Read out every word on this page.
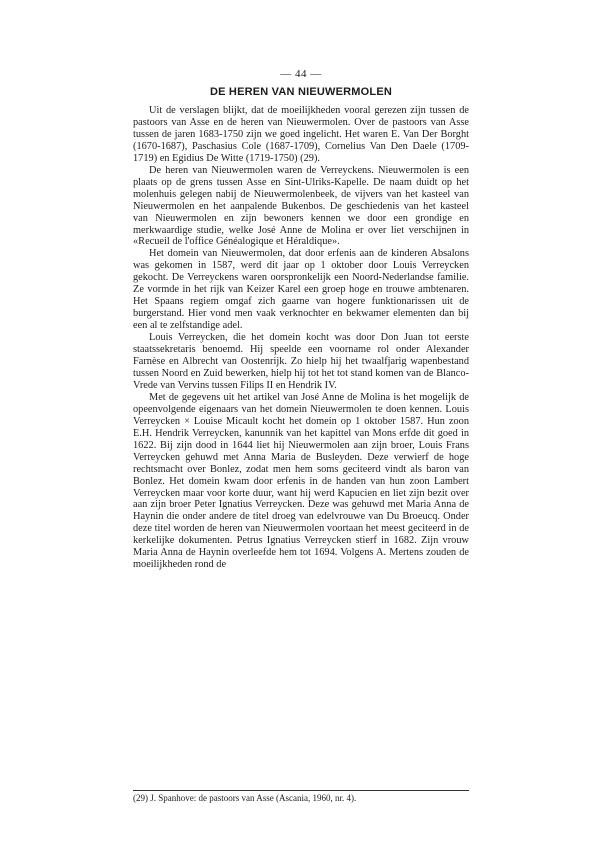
— 44 —
DE HEREN VAN NIEUWERMOLEN

Uit de verslagen blijkt, dat de moeilijkheden vooral gerezen zijn tussen de pastoors van Asse en de heren van Nieuwermolen. Over de pastoors van Asse tussen de jaren 1683-1750 zijn we goed ingelicht. Het waren E. Van Der Borght (1670-1687), Paschasius Cole (1687-1709), Cornelius Van Den Daele (1709-1719) en Egidius De Witte (1719-1750) (29).

De heren van Nieuwermolen waren de Verreyckens. Nieuwermolen is een plaats op de grens tussen Asse en Sint-Ulriks-Kapelle. De naam duidt op het molenhuis gelegen nabij de Nieuwermolenbeek, de vijvers van het kasteel van Nieuwermolen en het aanpalende Bukenbos. De geschiedenis van het kasteel van Nieuwermolen en zijn bewoners kennen we door een grondige en merkwaardige studie, welke José Anne de Molina er over liet verschijnen in «Recueil de l'office Généalogique et Héraldique».

Het domein van Nieuwermolen, dat door erfenis aan de kinderen Absalons was gekomen in 1587, werd dit jaar op 1 oktober door Louis Verreycken gekocht. De Verreyckens waren oorspronkelijk een Noord-Nederlandse familie. Ze vormde in het rijk van Keizer Karel een groep hoge en trouwe ambtenaren. Het Spaans regiem omgaf zich gaarne van hogere funktionarissen uit de burgerstand. Hier vond men vaak verknochter en bekwamer elementen dan bij een al te zelfstandige adel.

Louis Verreycken, die het domein kocht was door Don Juan tot eerste staatssekretaris benoemd. Hij speelde een voorname rol onder Alexander Farnèse en Albrecht van Oostenrijk. Zo hielp hij het twaalfjarig wapenbestand tussen Noord en Zuid bewerken, hielp hij tot het tot stand komen van de Blanco-Vrede van Vervins tussen Filips II en Hendrik IV.

Met de gegevens uit het artikel van José Anne de Molina is het mogelijk de opeenvolgende eigenaars van het domein Nieuwermolen te doen kennen. Louis Verreycken × Louise Micault kocht het domein op 1 oktober 1587. Hun zoon E.H. Hendrik Verreycken, kanunnik van het kapittel van Mons erfde dit goed in 1622. Bij zijn dood in 1644 liet hij Nieuwermolen aan zijn broer, Louis Frans Verreycken gehuwd met Anna Maria de Busleyden. Deze verwierf de hoge rechtsmacht over Bonlez, zodat men hem soms geciteerd vindt als baron van Bonlez. Het domein kwam door erfenis in de handen van hun zoon Lambert Verreycken maar voor korte duur, want hij werd Kapucien en liet zijn bezit over aan zijn broer Peter Ignatius Verreycken. Deze was gehuwd met Maria Anna de Haynin die onder andere de titel droeg van edelvrouwe van Du Broeucq. Onder deze titel worden de heren van Nieuwermolen voortaan het meest geciteerd in de kerkelijke dokumenten. Petrus Ignatius Verreycken stierf in 1682. Zijn vrouw Maria Anna de Haynin overleefde hem tot 1694. Volgens A. Mertens zouden de moeilijkheden rond de

(29) J. Spanhove: de pastoors van Asse (Ascania, 1960, nr. 4).
